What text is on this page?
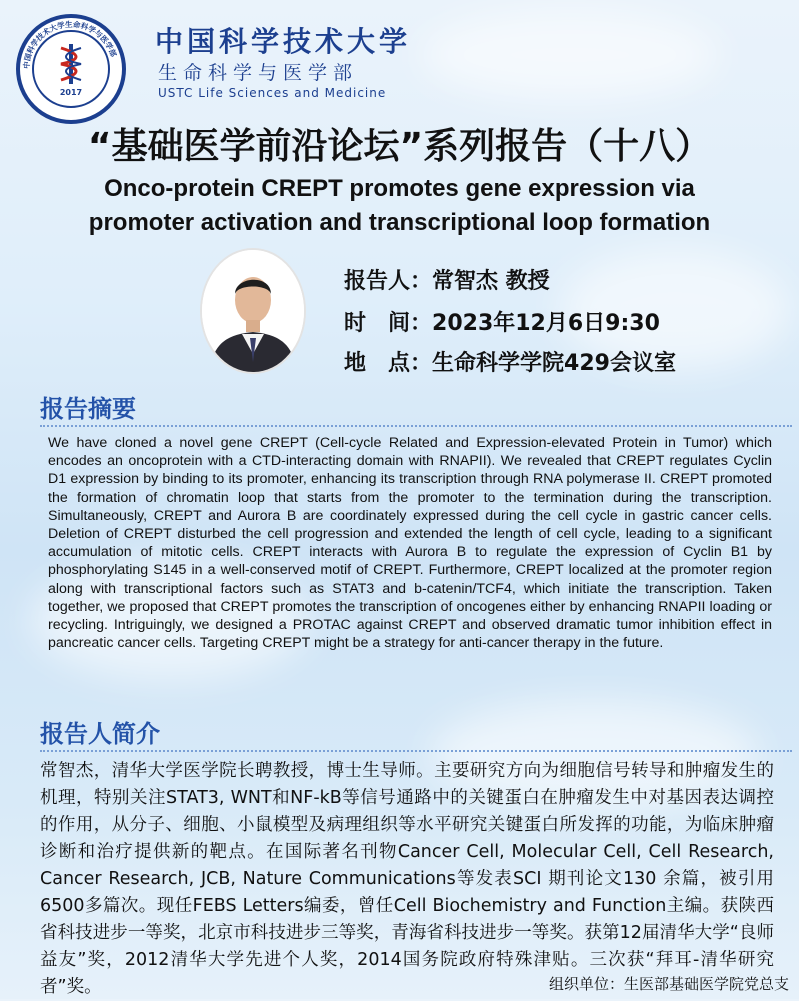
中国科学技术大学生命科学与医学部
2017
中国科学技术大学
生命科学与医学部
USTC Life Sciences and Medicine
“基础医学前沿论坛”系列报告（十八）
Onco-protein CREPT promotes gene expression via
promoter activation and transcriptional loop formation
报告人：常智杰 教授
时　间：2023年12月6日9:30
地　点：生命科学学院429会议室
报告摘要
We have cloned a novel gene CREPT (Cell-cycle Related and Expression-elevated Protein in Tumor) which encodes an oncoprotein with a CTD-interacting domain with RNAPII). We revealed that CREPT regulates Cyclin D1 expression by binding to its promoter, enhancing its transcription through RNA polymerase II. CREPT promoted the formation of chromatin loop that starts from the promoter to the termination during the transcription. Simultaneously, CREPT and Aurora B are coordinately expressed during the cell cycle in gastric cancer cells. Deletion of CREPT disturbed the cell progression and extended the length of cell cycle, leading to a significant accumulation of mitotic cells. CREPT interacts with Aurora B to regulate the expression of Cyclin B1 by phosphorylating S145 in a well-conserved motif of CREPT. Furthermore, CREPT localized at the promoter region along with transcriptional factors such as STAT3 and b-catenin/TCF4, which initiate the transcription. Taken together, we proposed that CREPT promotes the transcription of oncogenes either by enhancing RNAPII loading or recycling. Intriguingly, we designed a PROTAC against CREPT and observed dramatic tumor inhibition effect in pancreatic cancer cells. Targeting CREPT might be a strategy for anti-cancer therapy in the future.
报告人简介
常智杰，清华大学医学院长聘教授，博士生导师。主要研究方向为细胞信号转导和肿瘤发生的机理，特别关注STAT3, WNT和NF-kB等信号通路中的关键蛋白在肿瘤发生中对基因表达调控的作用，从分子、细胞、小鼠模型及病理组织等水平研究关键蛋白所发挥的功能，为临床肿瘤诊断和治疗提供新的靶点。在国际著名刊物Cancer Cell, Molecular Cell, Cell Research, Cancer Research, JCB, Nature Communications等发表SCI 期刊论文130 余篇，被引用6500多篇次。现任FEBS Letters编委，曾任Cell Biochemistry and Function主编。获陕西省科技进步一等奖，北京市科技进步三等奖，青海省科技进步一等奖。获第12届清华大学“良师益友”奖，2012清华大学先进个人奖，2014国务院政府特殊津贴。三次获“拜耳-清华研究者”奖。	组织单位：生医部基础医学院党总支
